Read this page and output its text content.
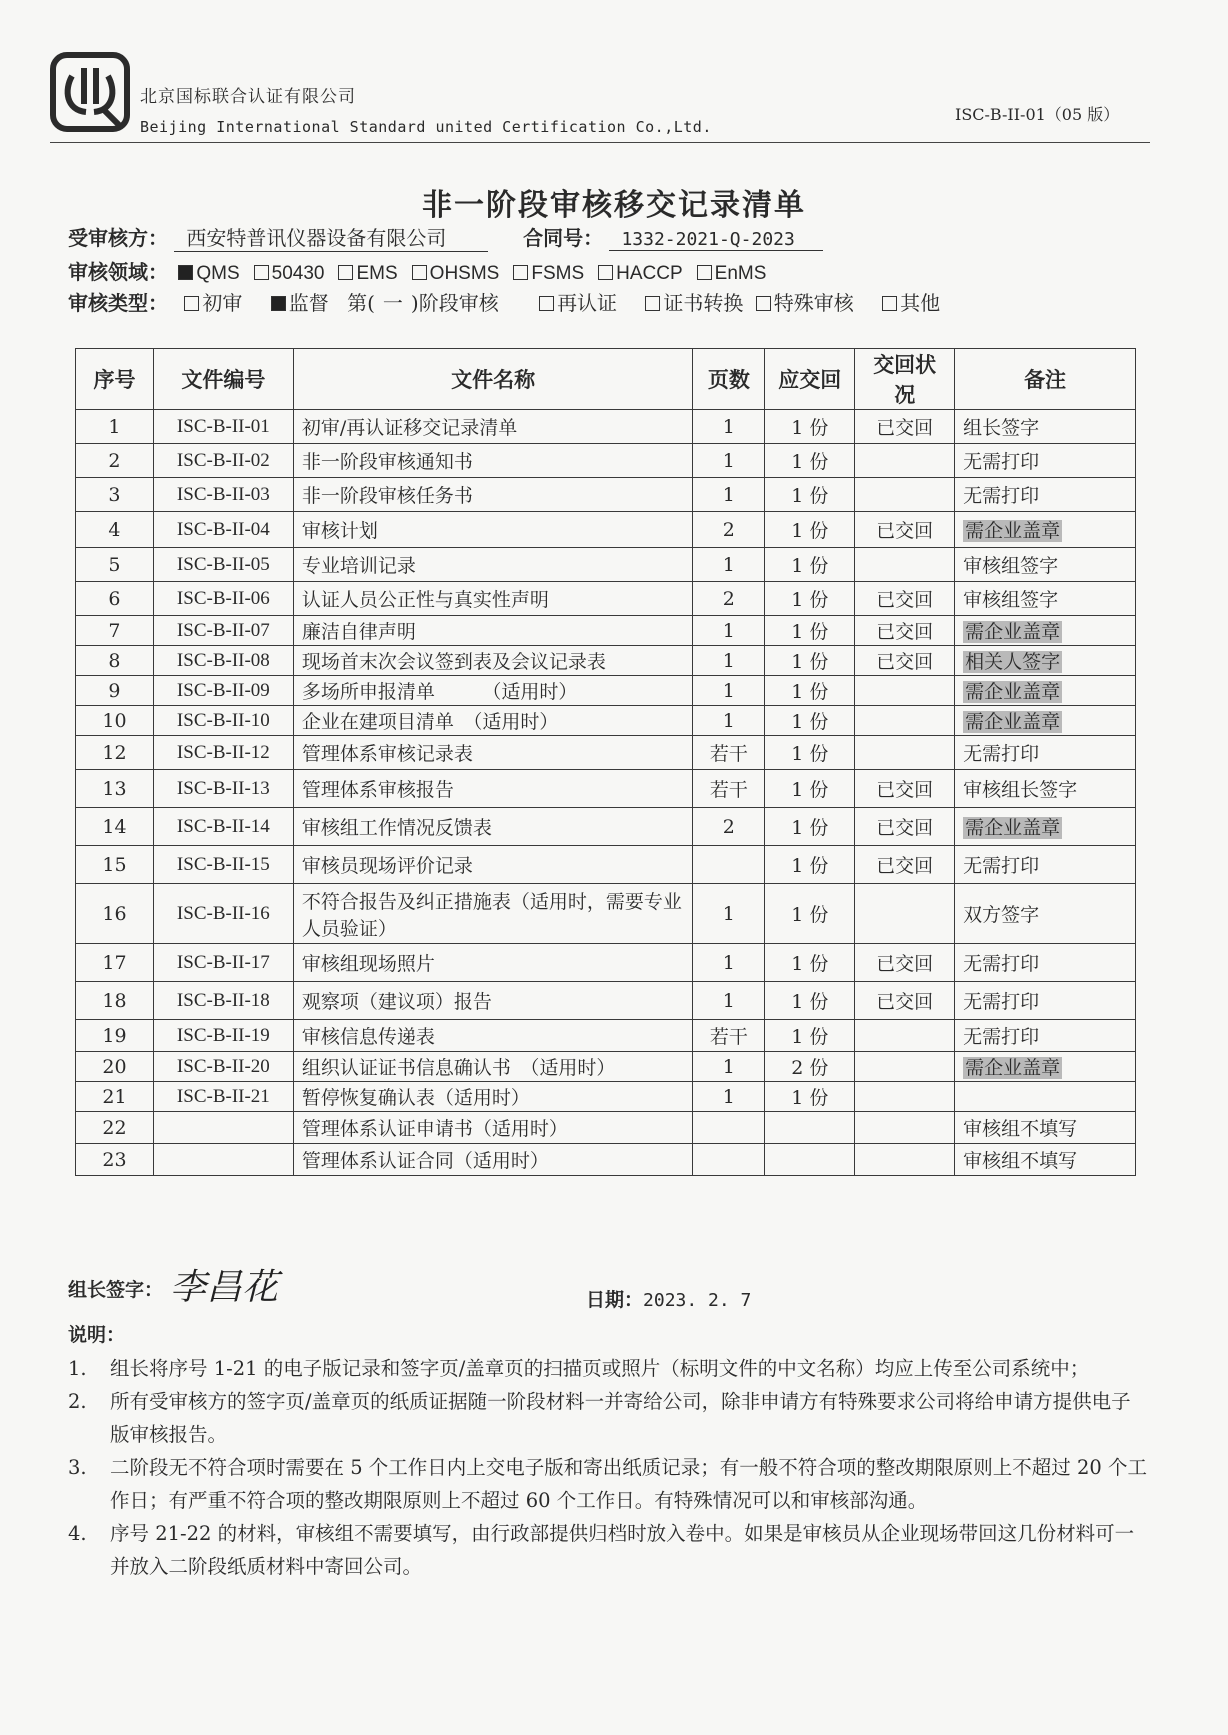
北京国标联合认证有限公司
Beijing International Standard united Certification Co.,Ltd.
ISC-B-II-01（05 版）
非一阶段审核移交记录清单
受审核方： 西安特普讯仪器设备有限公司	合同号： 1332-2021-Q-2023
审核领域： QMS 50430 EMS OHSMS FSMS HACCP EnMS
审核类型： 初审 监督 第( 一 )阶段审核	再认证 证书转换 特殊审核 其他
序号	文件编号	文件名称	页数	应交回	交回状况	备注
1	ISC-B-II-01	初审/再认证移交记录清单	1	1 份	已交回	组长签字
2	ISC-B-II-02	非一阶段审核通知书	1	1 份		无需打印
3	ISC-B-II-03	非一阶段审核任务书	1	1 份		无需打印
4	ISC-B-II-04	审核计划	2	1 份	已交回	需企业盖章
5	ISC-B-II-05	专业培训记录	1	1 份		审核组签字
6	ISC-B-II-06	认证人员公正性与真实性声明	2	1 份	已交回	审核组签字
7	ISC-B-II-07	廉洁自律声明	1	1 份	已交回	需企业盖章
8	ISC-B-II-08	现场首末次会议签到表及会议记录表	1	1 份	已交回	相关人签字
9	ISC-B-II-09	多场所申报清单　　　（适用时）	1	1 份		需企业盖章
10	ISC-B-II-10	企业在建项目清单　（适用时）	1	1 份		需企业盖章
12	ISC-B-II-12	管理体系审核记录表	若干	1 份		无需打印
13	ISC-B-II-13	管理体系审核报告	若干	1 份	已交回	审核组长签字
14	ISC-B-II-14	审核组工作情况反馈表	2	1 份	已交回	需企业盖章
15	ISC-B-II-15	审核员现场评价记录		1 份	已交回	无需打印
16	ISC-B-II-16	不符合报告及纠正措施表（适用时，需要专业人员验证）	1	1 份		双方签字
17	ISC-B-II-17	审核组现场照片	1	1 份	已交回	无需打印
18	ISC-B-II-18	观察项（建议项）报告	1	1 份	已交回	无需打印
19	ISC-B-II-19	审核信息传递表	若干	1 份		无需打印
20	ISC-B-II-20	组织认证证书信息确认书　（适用时）	1	2 份		需企业盖章
21	ISC-B-II-21	暂停恢复确认表（适用时）	1	1 份		
22		管理体系认证申请书（适用时）				审核组不填写
23		管理体系认证合同（适用时）				审核组不填写
组长签字： 李昌花	日期：2023. 2. 7
说明：
1. 组长将序号 1-21 的电子版记录和签字页/盖章页的扫描页或照片（标明文件的中文名称）均应上传至公司系统中；
2. 所有受审核方的签字页/盖章页的纸质证据随一阶段材料一并寄给公司，除非申请方有特殊要求公司将给申请方提供电子版审核报告。
3. 二阶段无不符合项时需要在 5 个工作日内上交电子版和寄出纸质记录；有一般不符合项的整改期限原则上不超过 20 个工作日；有严重不符合项的整改期限原则上不超过 60 个工作日。有特殊情况可以和审核部沟通。
4. 序号 21-22 的材料，审核组不需要填写，由行政部提供归档时放入卷中。如果是审核员从企业现场带回这几份材料可一并放入二阶段纸质材料中寄回公司。
